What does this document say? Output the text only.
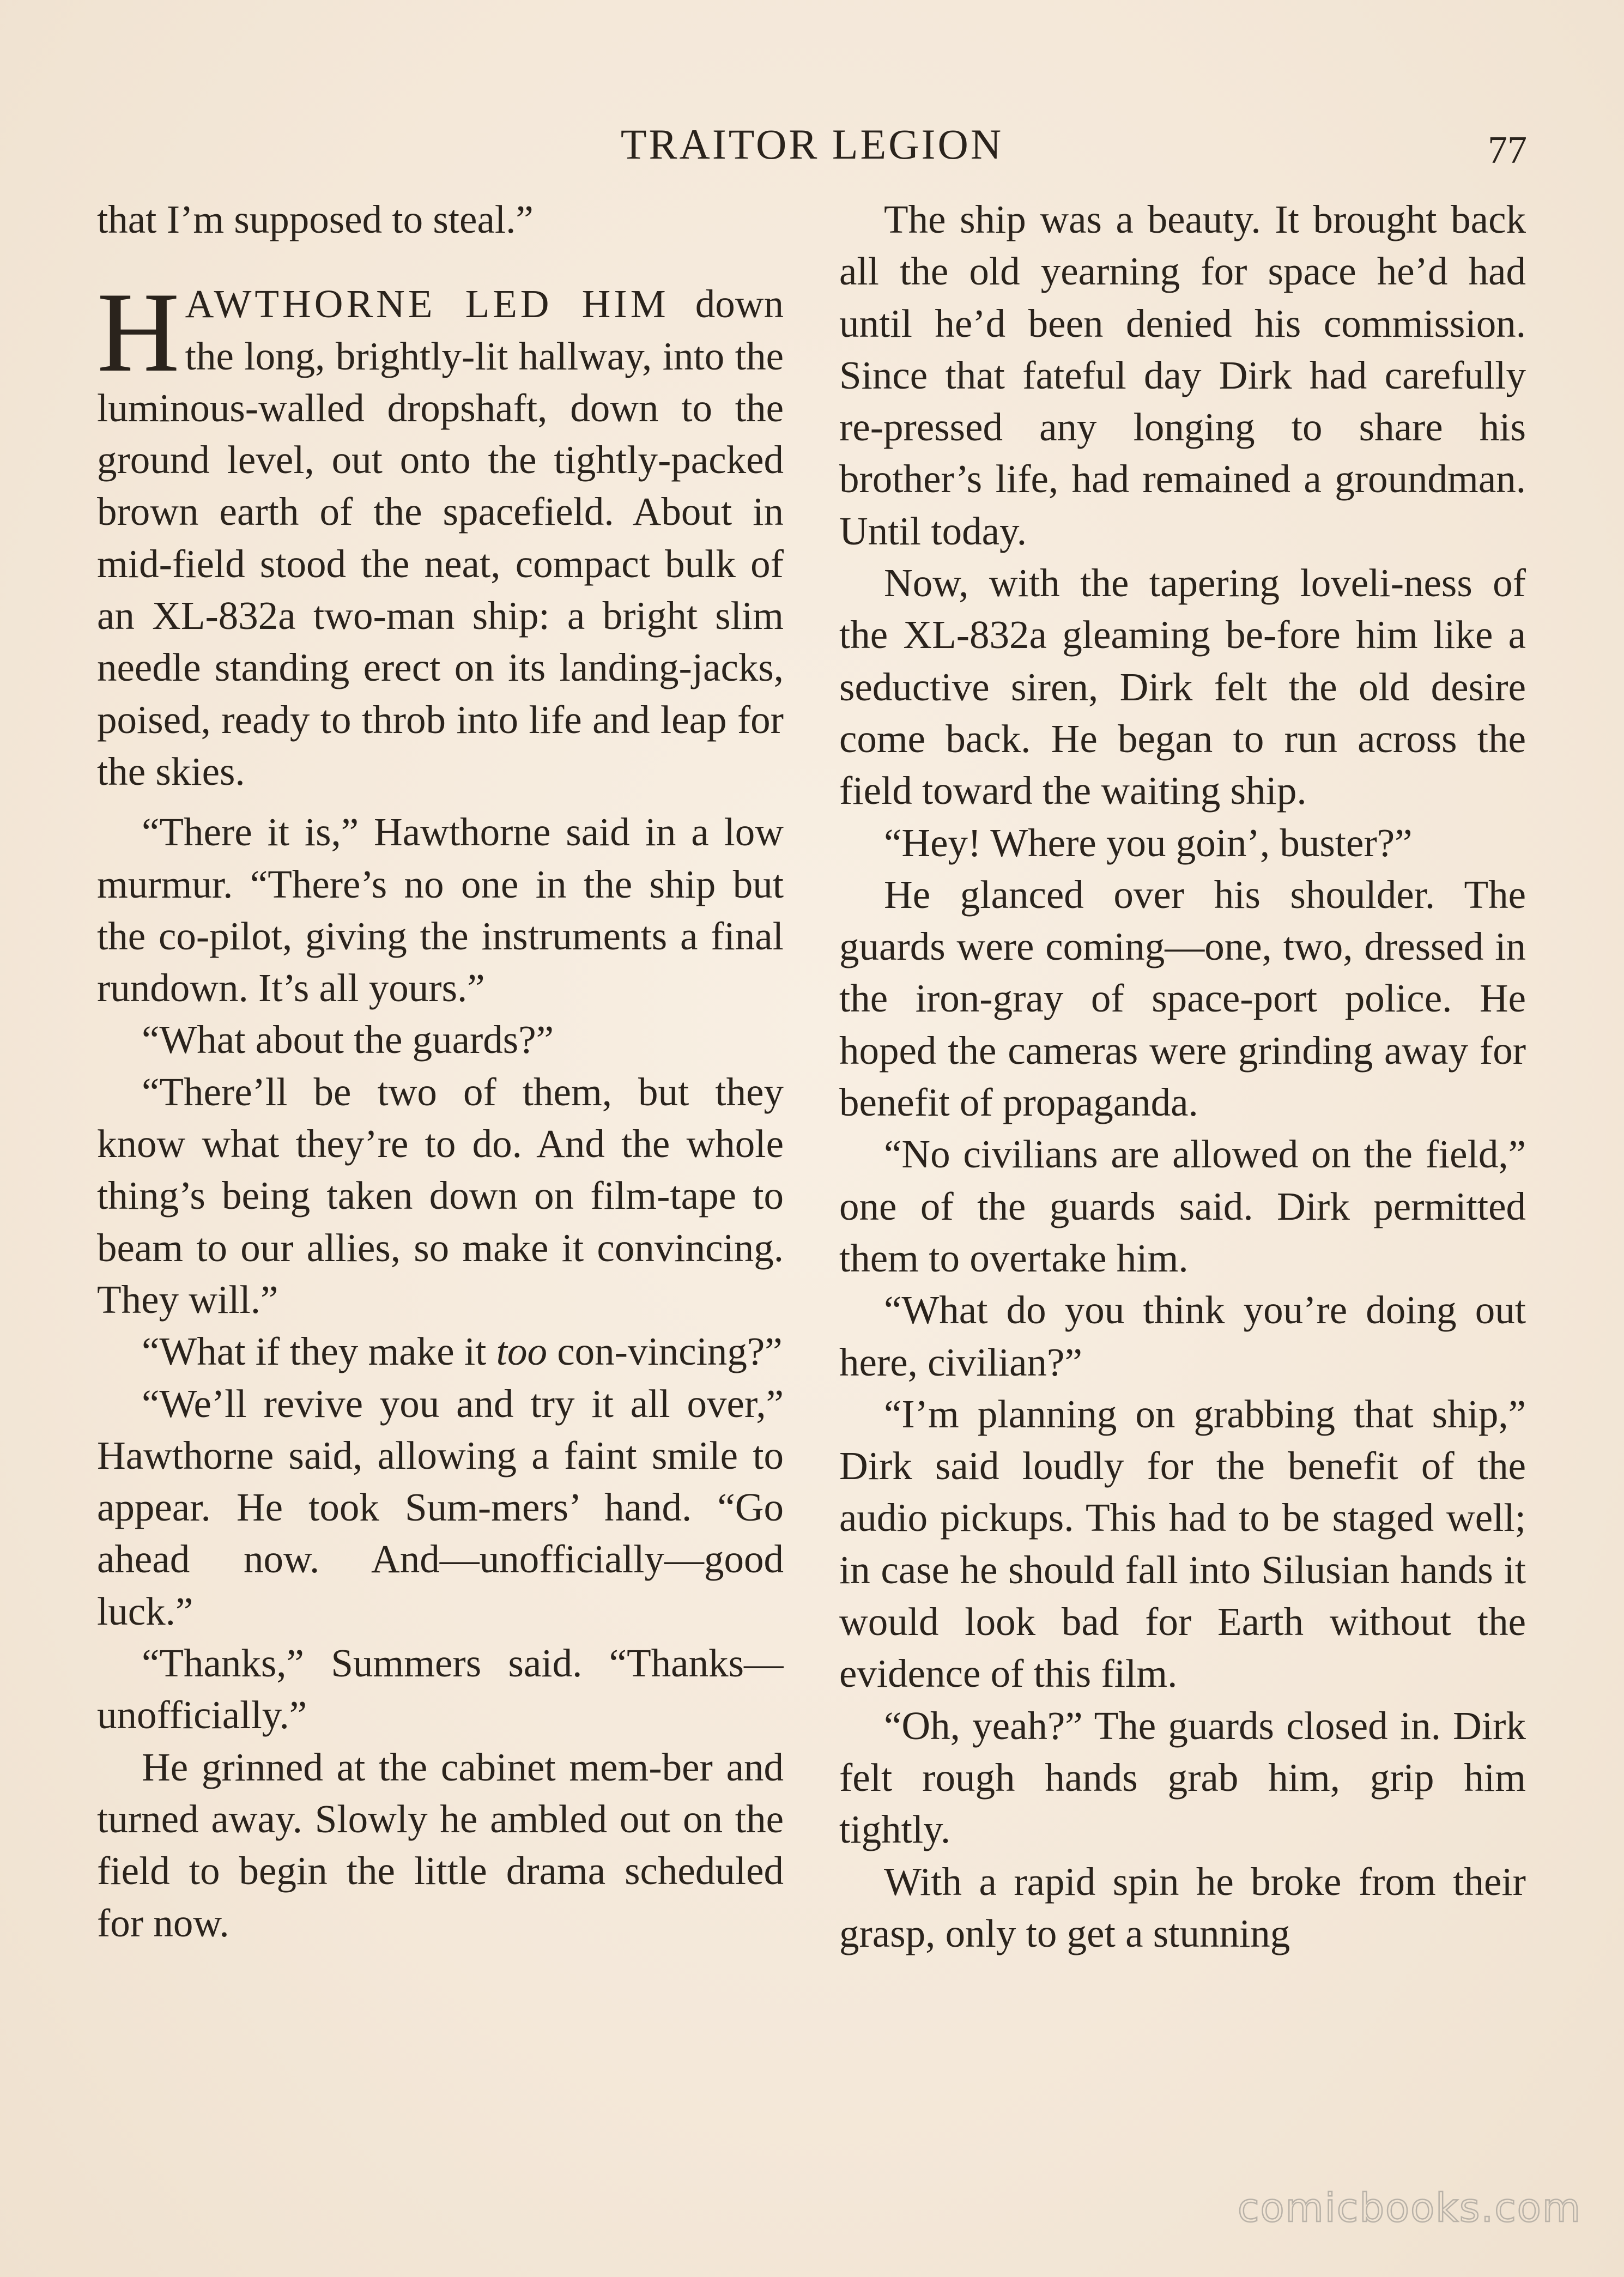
TRAITOR LEGION	77

that I’m supposed to steal.”

HAWTHORNE LED HIM down the long, brightly-lit hallway, into the luminous-walled dropshaft, down to the ground level, out onto the tightly-packed brown earth of the spacefield. About in mid-field stood the neat, compact bulk of an XL-832a two-man ship: a bright slim needle standing erect on its landing-jacks, poised, ready to throb into life and leap for the skies.

“There it is,” Hawthorne said in a low murmur. “There’s no one in the ship but the co-pilot, giving the instruments a final rundown. It’s all yours.”

“What about the guards?”

“There’ll be two of them, but they know what they’re to do. And the whole thing’s being taken down on film-tape to beam to our allies, so make it convincing. They will.”

“What if they make it too con-vincing?”

“We’ll revive you and try it all over,” Hawthorne said, allowing a faint smile to appear. He took Sum-mers’ hand. “Go ahead now. And—unofficially—good luck.”

“Thanks,” Summers said. “Thanks—unofficially.”

He grinned at the cabinet mem-ber and turned away. Slowly he ambled out on the field to begin the little drama scheduled for now.

The ship was a beauty. It brought back all the old yearning for space he’d had until he’d been denied his commission. Since that fateful day Dirk had carefully re-pressed any longing to share his brother’s life, had remained a groundman. Until today.

Now, with the tapering loveli-ness of the XL-832a gleaming be-fore him like a seductive siren, Dirk felt the old desire come back. He began to run across the field toward the waiting ship.

“Hey! Where you goin’, buster?”

He glanced over his shoulder. The guards were coming—one, two, dressed in the iron-gray of space-port police. He hoped the cameras were grinding away for benefit of propaganda.

“No civilians are allowed on the field,” one of the guards said. Dirk permitted them to overtake him.

“What do you think you’re doing out here, civilian?”

“I’m planning on grabbing that ship,” Dirk said loudly for the benefit of the audio pickups. This had to be staged well; in case he should fall into Silusian hands it would look bad for Earth without the evidence of this film.

“Oh, yeah?” The guards closed in. Dirk felt rough hands grab him, grip him tightly.

With a rapid spin he broke from their grasp, only to get a stunning

comicbooks.com
